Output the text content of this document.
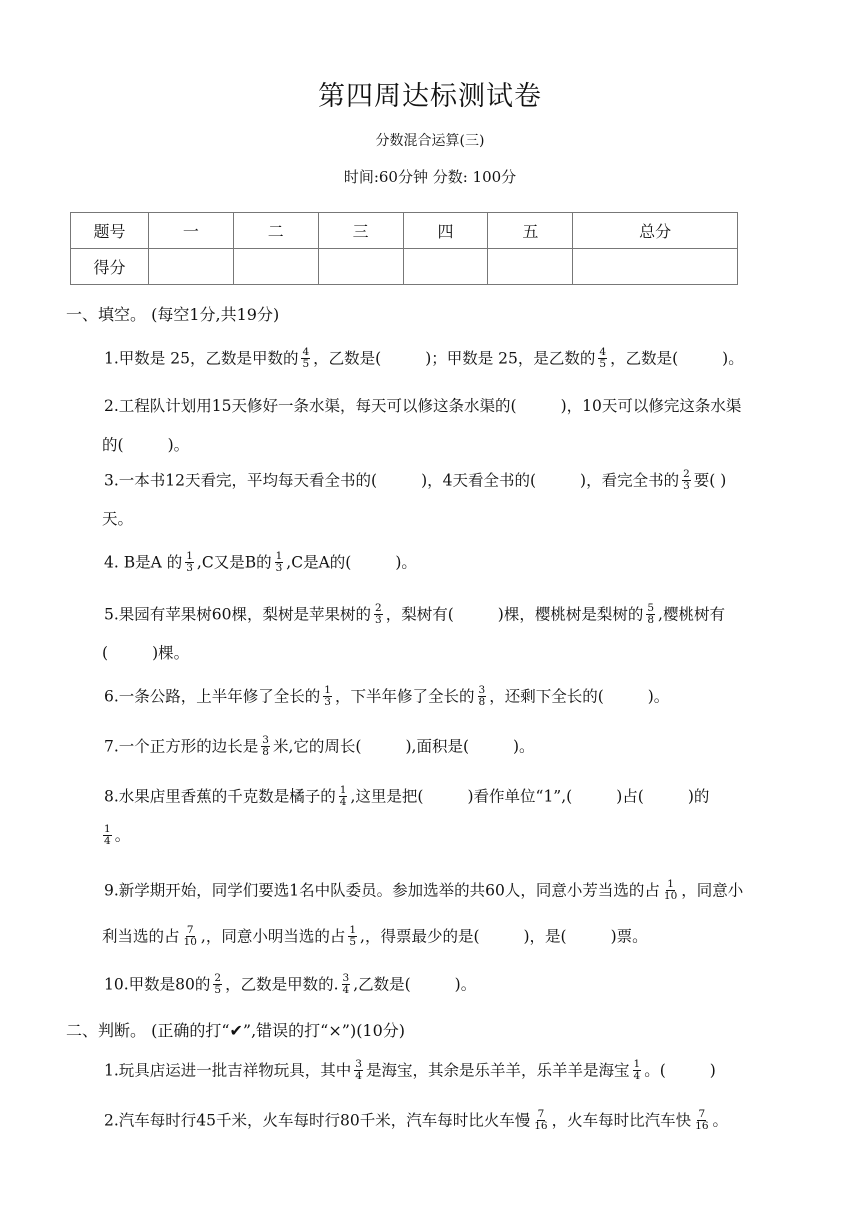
第四周达标测试卷
分数混合运算(三)
时间:60分钟 分数: 100分
题号	一	二	三	四	五	总分
得分						
一、填空。 (每空1分,共19分)
1.甲数是 25，乙数是甲数的 $\frac{4}{5}$ ，乙数是(	)；甲数是 25，是乙数的 $\frac{4}{5}$ ，乙数是(	)。
2.工程队计划用15天修好一条水渠，每天可以修这条水渠的(	)，10天可以修完这条水渠
的(	)。
3.一本书12天看完，平均每天看全书的(	)，4天看全书的(	)，看完全书的 $\frac{2}{3}$ 要( )
天。
4. B是A 的 $\frac{1}{3} ,C$又是B的 $\frac{1}{3} ,C$是A的(	)。
5.果园有苹果树60棵，梨树是苹果树的 $\frac{2}{3}$ ，梨树有(	)棵，樱桃树是梨树的 $\frac{5}{8}$ ,樱桃树有
(	)棵。
6.一条公路，上半年修了全长的 $\frac{1}{3}$ ，下半年修了全长的 $\frac{3}{8}$ ，还剩下全长的(	)。
7.一个正方形的边长是 $\frac{3}{8}$ 米,它的周长(	),面积是(	)。
8.水果店里香蕉的千克数是橘子的 $\frac{1}{4}$ ,这里是把(	)看作单位“1”,(	)占(	)的
$\frac{1}{4}$ 。
9.新学期开始，同学们要选1名中队委员。参加选举的共60人，同意小芳当选的占 $\frac{1}{10}$ ，同意小
利当选的占 $\frac{7}{10}$ ,，同意小明当选的占 $\frac{1}{5}$ ,，得票最少的是(	)，是(	)票。
10.甲数是80的 $\frac{2}{5}$ ，乙数是甲数的. $\frac{3}{4}$ ,乙数是(	)。
二、判断。 (正确的打“✔”,错误的打“×”)(10分)
1.玩具店运进一批吉祥物玩具，其中 $\frac{3}{4}$ 是海宝，其余是乐羊羊，乐羊羊是海宝 $\frac{1}{4}$ 。(	)
2.汽车每时行45千米，火车每时行80千米，汽车每时比火车慢 $\frac{7}{16}$ ，火车每时比汽车快 $\frac{7}{16}$ 。
